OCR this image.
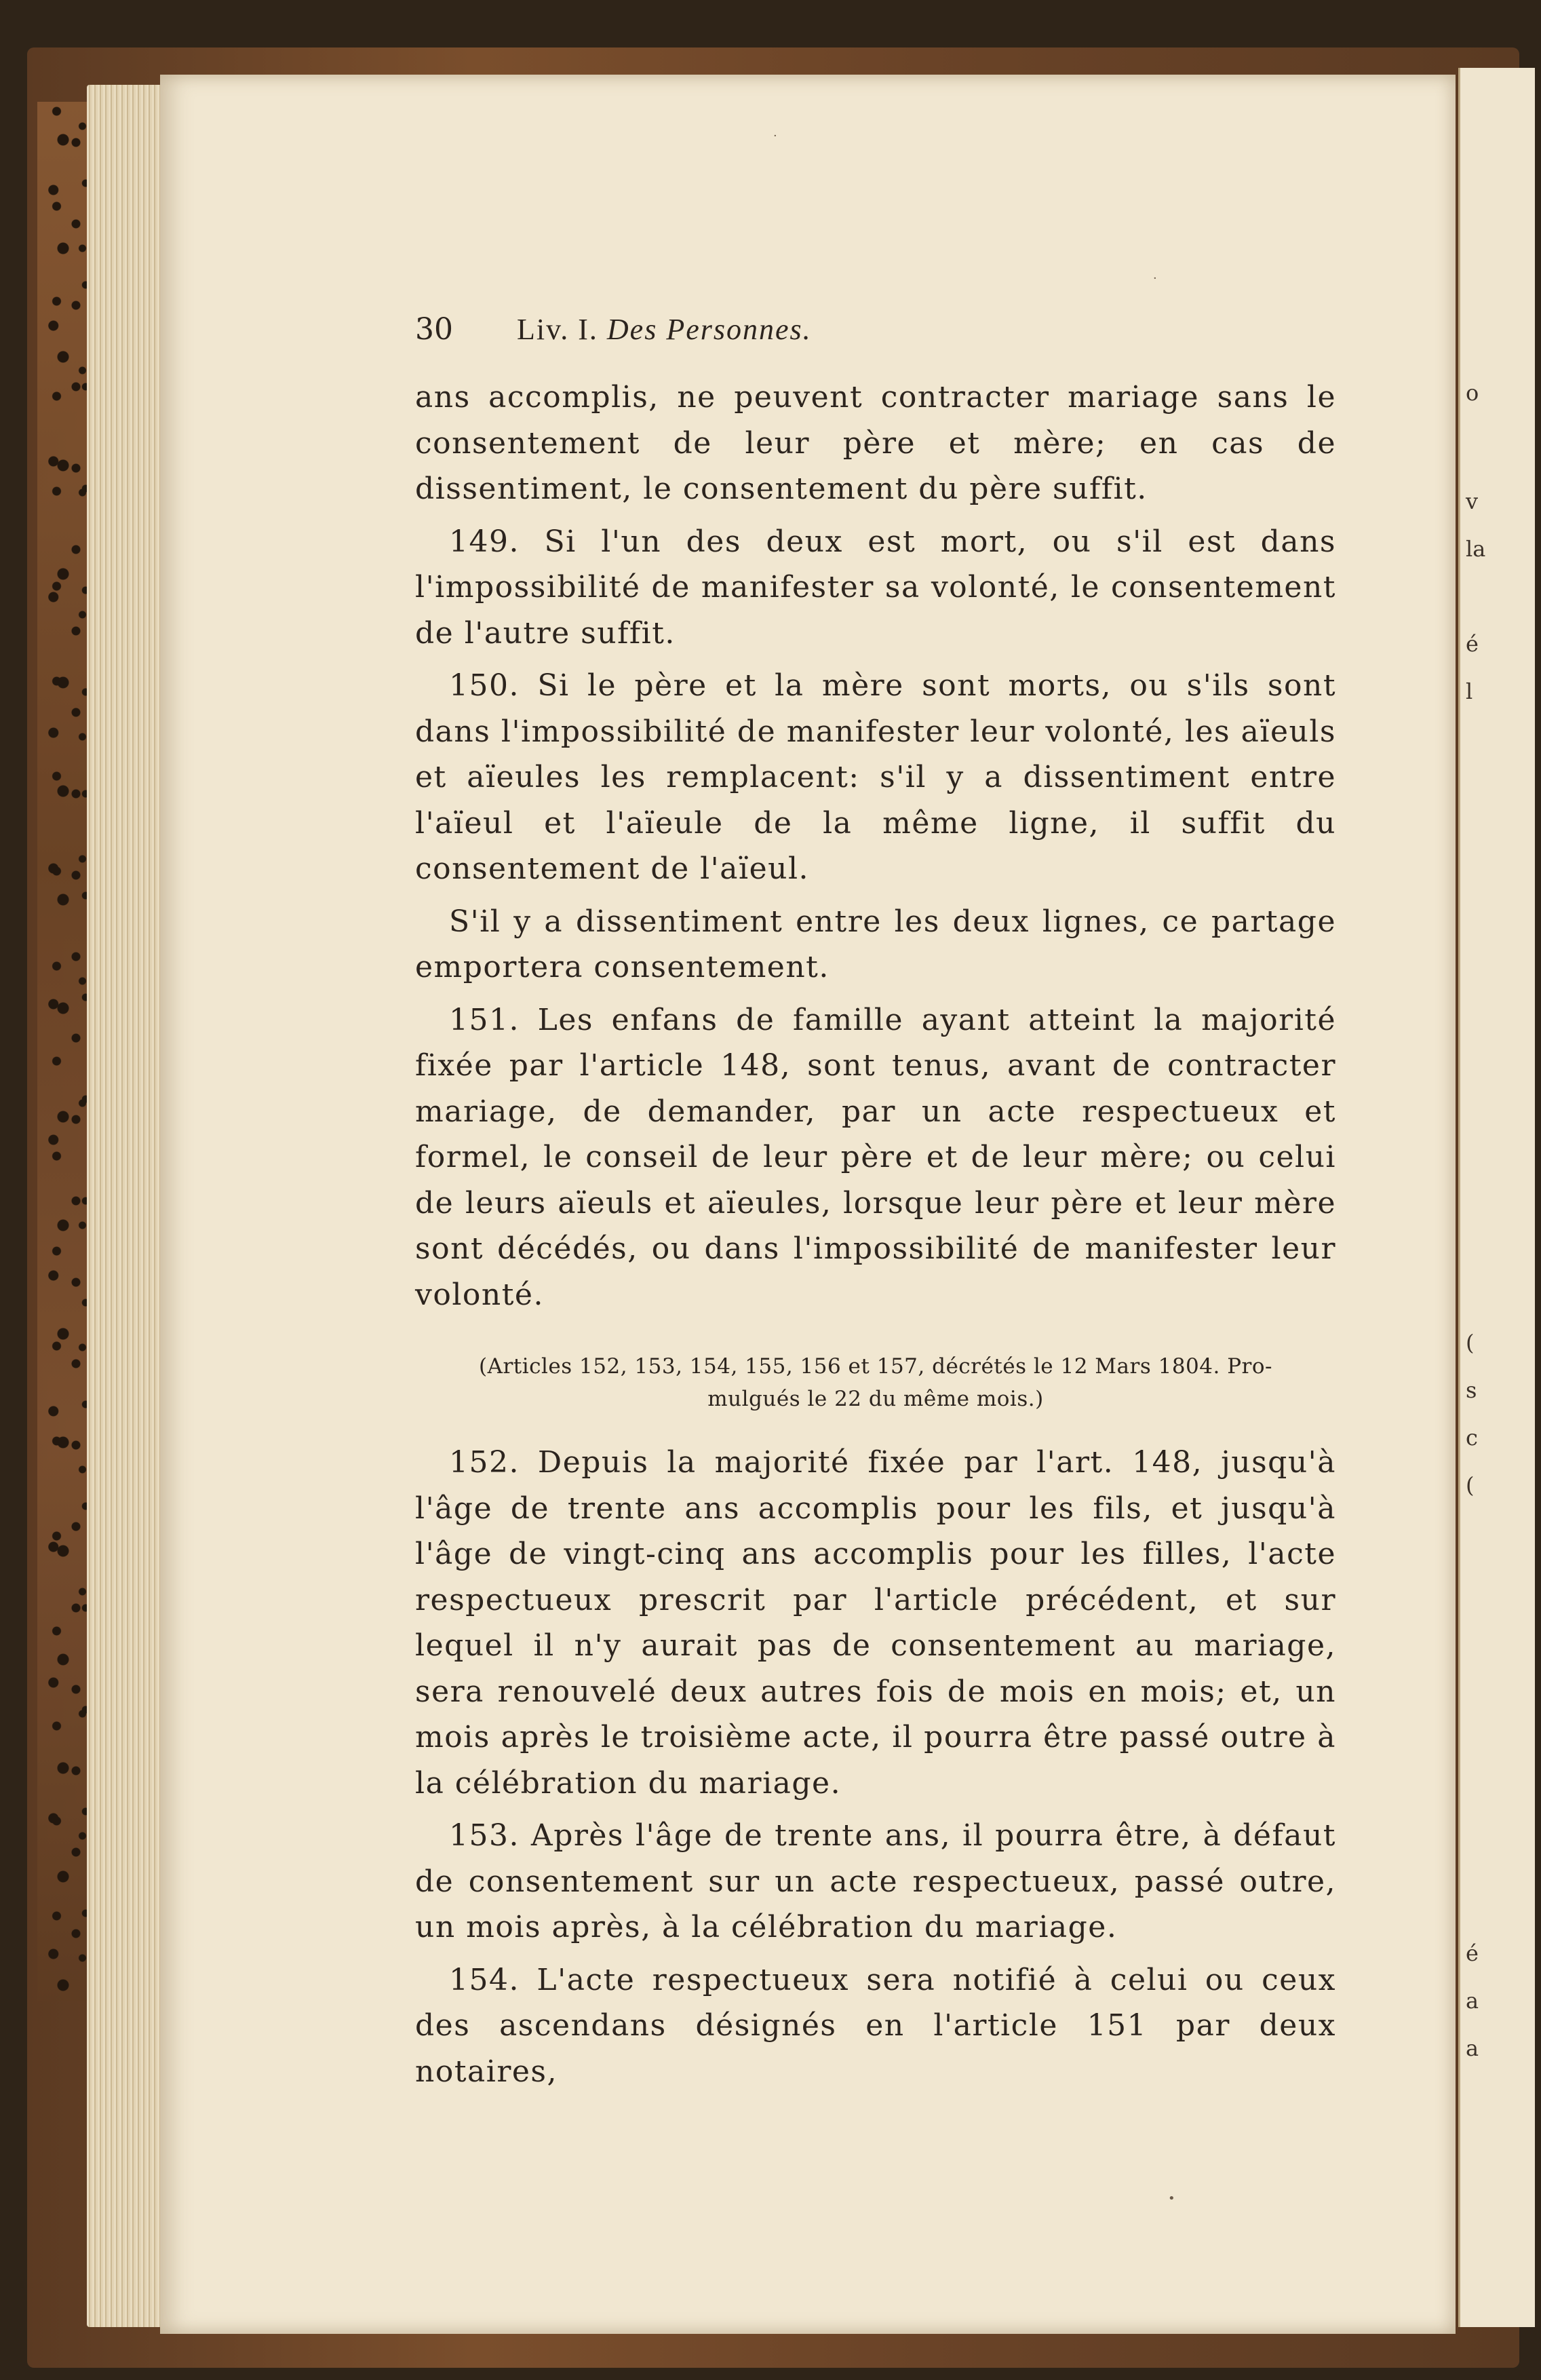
o
v
la
é
l
(
s
c
(
é
a
a
·
·
•
30	Liv. I. Des Personnes.

ans accomplis, ne peuvent contracter mariage sans le consentement de leur père et mère; en cas de dissentiment, le consentement du père suffit.

149. Si l'un des deux est mort, ou s'il est dans l'impossibilité de manifester sa volonté, le consentement de l'autre suffit.

150. Si le père et la mère sont morts, ou s'ils sont dans l'impossibilité de manifester leur volonté, les aïeuls et aïeules les remplacent: s'il y a dissentiment entre l'aïeul et l'aïeule de la même ligne, il suffit du consentement de l'aïeul.

S'il y a dissentiment entre les deux lignes, ce partage emportera consentement.

151. Les enfans de famille ayant atteint la majorité fixée par l'article 148, sont tenus, avant de contracter mariage, de demander, par un acte respectueux et formel, le conseil de leur père et de leur mère; ou celui de leurs aïeuls et aïeules, lorsque leur père et leur mère sont décédés, ou dans l'impossibilité de manifester leur volonté.

(Articles 152, 153, 154, 155, 156 et 157, décrétés le 12 Mars 1804. Pro-
mulgués le 22 du même mois.)

152. Depuis la majorité fixée par l'art. 148, jusqu'à l'âge de trente ans accomplis pour les fils, et jusqu'à l'âge de vingt-cinq ans accomplis pour les filles, l'acte respectueux prescrit par l'article précédent, et sur lequel il n'y aurait pas de consentement au mariage, sera renouvelé deux autres fois de mois en mois; et, un mois après le troisième acte, il pourra être passé outre à la célébration du mariage.

153. Après l'âge de trente ans, il pourra être, à défaut de consentement sur un acte respectueux, passé outre, un mois après, à la célébration du mariage.

154. L'acte respectueux sera notifié à celui ou ceux des ascendans désignés en l'article 151 par deux notaires,
